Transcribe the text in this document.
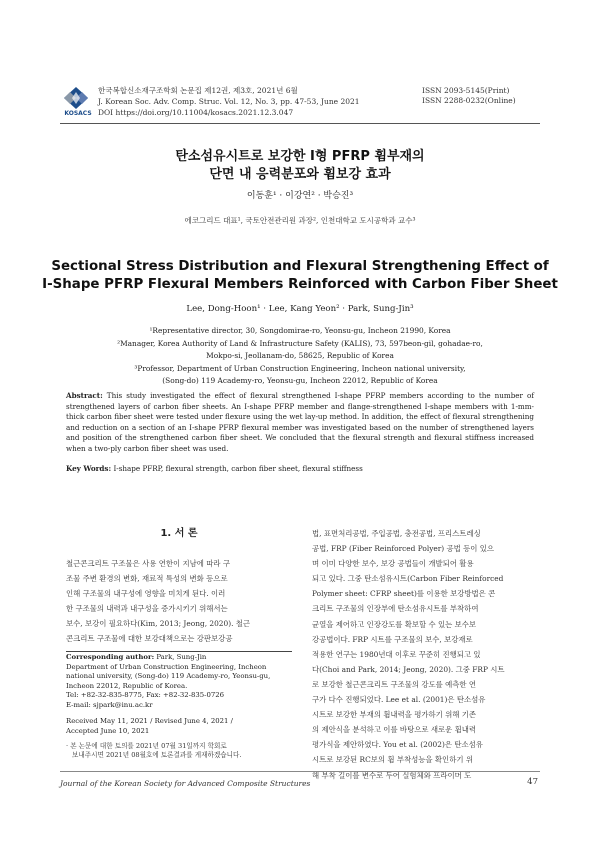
KOSACS
한국복합신소재구조학회 논문집 제12권, 제3호, 2021년 6월
J. Korean Soc. Adv. Comp. Struc. Vol. 12, No. 3, pp. 47-53, June 2021
DOI https://doi.org/10.11004/kosacs.2021.12.3.047
ISSN 2093-5145(Print)
ISSN 2288-0232(Online)
탄소섬유시트로 보강한 I형 PFRP 휨부재의
단면 내 응력분포와 휨보강 효과
이동훈¹ · 이강연² · 박승진³
에코그리드 대표¹, 국토안전관리원 과장², 인천대학교 도시공학과 교수³
Sectional Stress Distribution and Flexural Strengthening Effect of
I-Shape PFRP Flexural Members Reinforced with Carbon Fiber Sheet
Lee, Dong-Hoon¹ · Lee, Kang Yeon² · Park, Sung-Jin³
¹Representative director, 30, Songdomirae-ro, Yeonsu-gu, Incheon 21990, Korea
²Manager, Korea Authority of Land & Infrastructure Safety (KALIS), 73, 597beon-gil, gohadae-ro,
Mokpo-si, Jeollanam-do, 58625, Republic of Korea
³Professor, Department of Urban Construction Engineering, Incheon national university,
(Song-do) 119 Academy-ro, Yeonsu-gu, Incheon 22012, Republic of Korea
Abstract: This study investigated the effect of flexural strengthened I-shape PFRP members according to the number of strengthened layers of carbon fiber sheets. An I-shape PFRP member and flange-strengthened I-shape members with 1-mm-thick carbon fiber sheet were tested under flexure using the wet lay-up method. In addition, the effect of flexural strengthening and reduction on a section of an I-shape PFRP flexural member was investigated based on the number of strengthened layers and position of the strengthened carbon fiber sheet. We concluded that the flexural strength and flexural stiffness increased when a two-ply carbon fiber sheet was used.
Key Words: I-shape PFRP, flexural strength, carbon fiber sheet, flexural stiffness
1. 서 론
철근콘크리트 구조물은 사용 연한이 지남에 따라 구
조물 주변 환경의 변화, 재료적 특성의 변화 등으로
인해 구조물의 내구성에 영향을 미치게 된다. 이러
한 구조물의 내력과 내구성을 증가시키기 위해서는
보수, 보강이 필요하다(Kim, 2013; Jeong, 2020). 철근
콘크리트 구조물에 대한 보강대책으로는 강판보강공
법, 표면처리공법, 주입공법, 충전공법, 프리스트레싱
공법, FRP (Fiber Reinforced Polyer) 공법 등이 있으
며 이미 다양한 보수, 보강 공법들이 개발되어 활용
되고 있다. 그중 탄소섬유시트(Carbon Fiber Reinforced
Polymer sheet: CFRP sheet)를 이용한 보강방법은 콘
크리트 구조물의 인장부에 탄소섬유시트를 부착하여
균열을 제어하고 인장강도를 확보할 수 있는 보수보
강공법이다. FRP 시트를 구조물의 보수, 보강재로
적용한 연구는 1980년대 이후로 꾸준히 진행되고 있
다(Choi and Park, 2014; Jeong, 2020). 그중 FRP 시트
로 보강한 철근콘크리트 구조물의 강도를 예측한 연
구가 다수 진행되었다. Lee et al. (2001)은 탄소섬유
시트로 보강한 부재의 휨내력을 평가하기 위해 기존
의 제안식을 분석하고 이를 바탕으로 새로운 휨내력
평가식을 제안하였다. You et al. (2002)은 탄소섬유
시트로 보강된 RC보의 휨 부착성능을 확인하기 위
해 부착 길이를 변수로 두어 실험체와 프라이머 도
Corresponding author: Park, Sung-Jin
Department of Urban Construction Engineering, Incheon
national university, (Song-do) 119 Academy-ro, Yeonsu-gu,
Incheon 22012, Republic of Korea.
Tel: +82-32-835-8775, Fax: +82-32-835-0726
E-mail: sjpark@inu.ac.kr
Received May 11, 2021 / Revised June 4, 2021 /
Accepted June 10, 2021
· 본 논문에 대한 토의를 2021년 07월 31일까지 학회로
보내주시면 2021년 08월호에 토론결과를 게재하겠습니다.
Journal of the Korean Society for Advanced Composite Structures	47
